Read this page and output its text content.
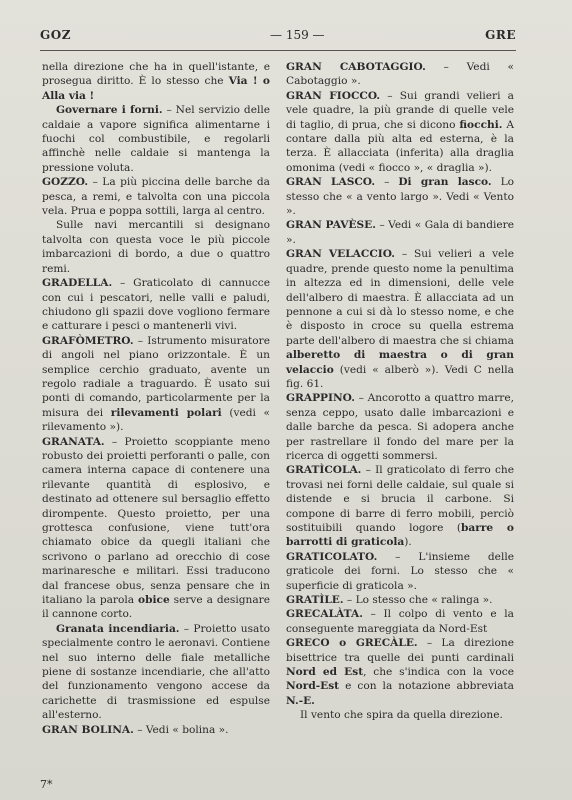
GOZ	— 159 —	GRE
nella direzione che ha in quell'istante, e prosegua diritto. È lo stesso che Via ! o Alla via !
Governare i forni. – Nel servizio delle caldaie a vapore significa alimentarne i fuochi col combustibile, e regolarli affinchè nelle caldaie si mantenga la pressione voluta.
GOZZO. – La più piccina delle barche da pesca, a remi, e talvolta con una piccola vela. Prua e poppa sottili, larga al centro.
Sulle navi mercantili si designano talvolta con questa voce le più piccole imbarcazioni di bordo, a due o quattro remi.
GRADELLA. – Graticolato di cannucce con cui i pescatori, nelle valli e paludi, chiudono gli spazii dove vogliono fermare e catturare i pesci o mantenerli vivi.
GRAFÒMETRO. – Istrumento misuratore di angoli nel piano orizzontale. È un semplice cerchio graduato, avente un regolo radiale a traguardo. È usato sui ponti di comando, particolarmente per la misura dei rilevamenti polari (vedi « rilevamento »).
GRANATA. – Proietto scoppiante meno robusto dei proietti perforanti o palle, con camera interna capace di contenere una rilevante quantità di esplosivo, e destinato ad ottenere sul bersaglio effetto dirompente. Questo proietto, per una grottesca confusione, viene tutt'ora chiamato obice da quegli italiani che scrivono o parlano ad orecchio di cose marinaresche e militari. Essi traducono dal francese obus, senza pensare che in italiano la parola obice serve a designare il cannone corto.
Granata incendiaria. – Proietto usato specialmente contro le aeronavi. Contiene nel suo interno delle fiale metalliche piene di sostanze incendiarie, che all'atto del funzionamento vengono accese da carichette di trasmissione ed espulse all'esterno.
GRAN BOLINA. – Vedi « bolina ».
GRAN CABOTAGGIO. – Vedi « Cabotaggio ».
GRAN FIOCCO. – Sui grandi velieri a vele quadre, la più grande di quelle vele di taglio, di prua, che si dicono fiocchi. A contare dalla più alta ed esterna, è la terza. È allacciata (inferita) alla draglia omonima (vedi « fiocco », « draglia »).
GRAN LASCO. – Di gran lasco. Lo stesso che « a vento largo ». Vedi « Vento ».
GRAN PAVÈSE. – Vedi « Gala di bandiere ».
GRAN VELACCIO. – Sui velieri a vele quadre, prende questo nome la penultima in altezza ed in dimensioni, delle vele dell'albero di maestra. È allacciata ad un pennone a cui si dà lo stesso nome, e che è disposto in croce su quella estrema parte dell'albero di maestra che si chiama alberetto di maestra o di gran velaccio (vedi « alberò »). Vedi C nella fig. 61.
GRAPPINO. – Ancorotto a quattro marre, senza ceppo, usato dalle imbarcazioni e dalle barche da pesca. Si adopera anche per rastrellare il fondo del mare per la ricerca di oggetti sommersi.
GRATÌCOLA. – Il graticolato di ferro che trovasi nei forni delle caldaie, sul quale si distende e si brucia il carbone. Si compone di barre di ferro mobili, perciò sostituibili quando logore (barre o barrotti di graticola).
GRATICOLATO. – L'insieme delle graticole dei forni. Lo stesso che « superficie di graticola ».
GRATÌLE. – Lo stesso che « ralinga ».
GRECALÀTA. – Il colpo di vento e la conseguente mareggiata da Nord-Est
GRECO o GRECÀLE. – La direzione bisettrice tra quelle dei punti cardinali Nord ed Est, che s'indica con la voce Nord-Est e con la notazione abbreviata N.-E.
Il vento che spira da quella direzione.
7*
